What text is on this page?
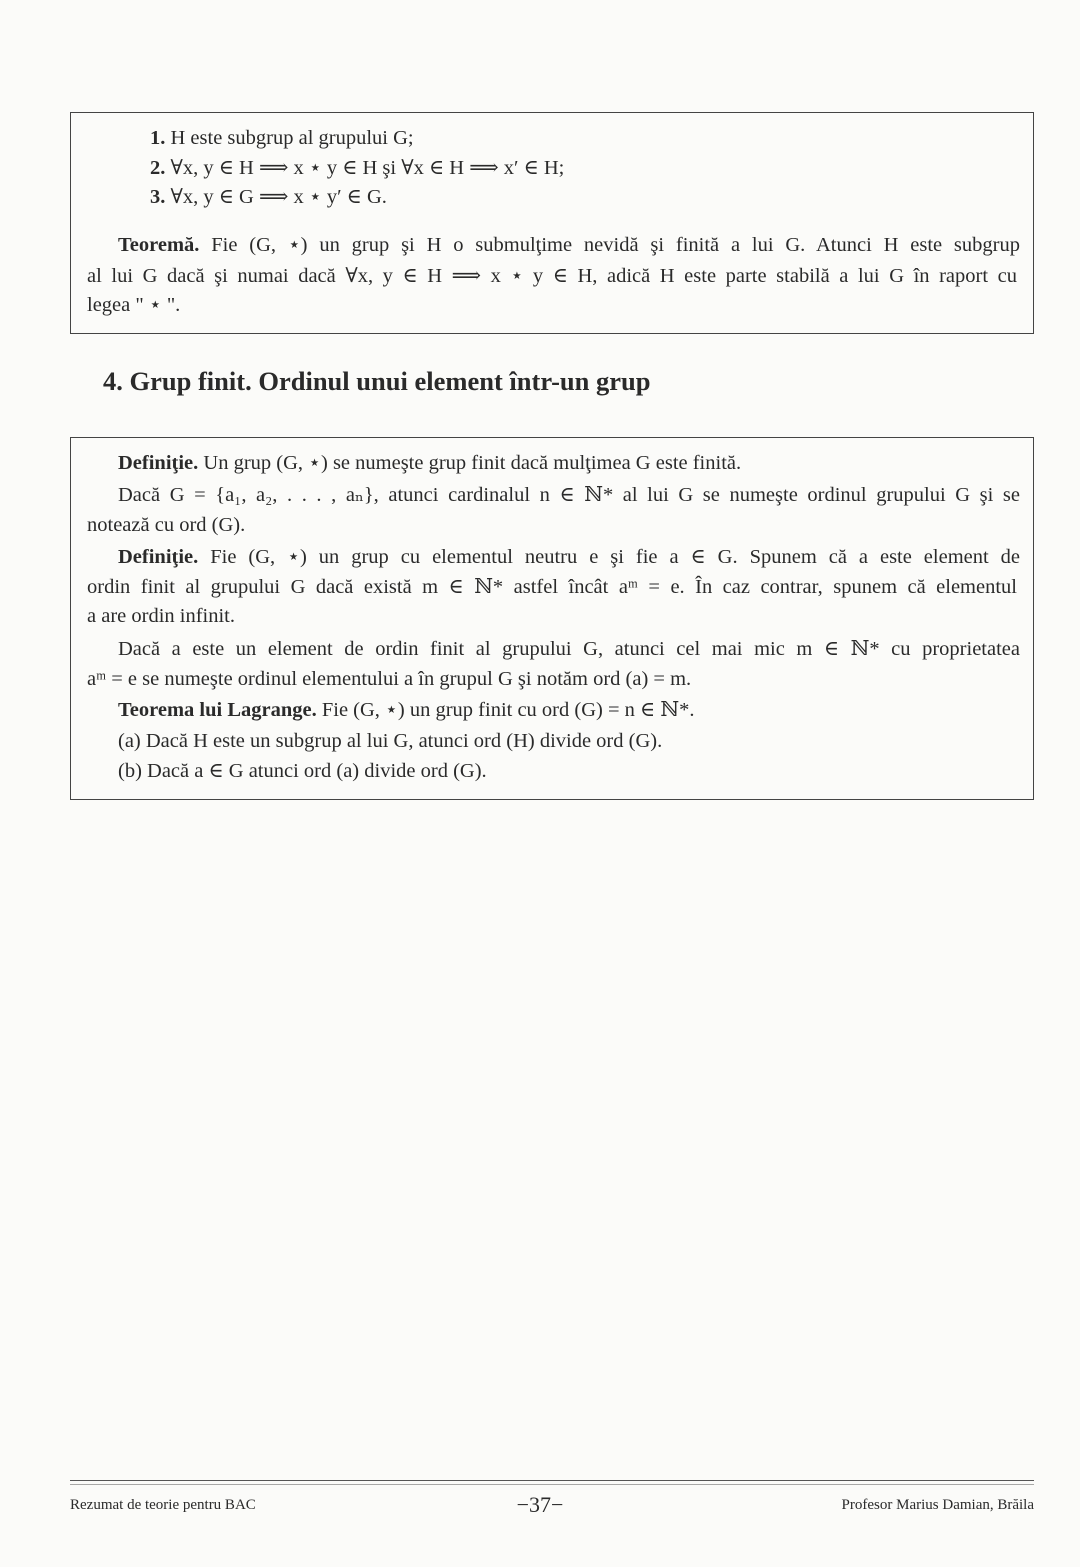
1. H este subgrup al grupului G;
2. ∀x, y ∈ H ⟹ x ⋆ y ∈ H şi ∀x ∈ H ⟹ x′ ∈ H;
3. ∀x, y ∈ G ⟹ x ⋆ y′ ∈ G.
Teoremă. Fie (G, ⋆) un grup şi H o submulţime nevidă şi finită a lui G. Atunci H este subgrup
al lui G dacă şi numai dacă ∀x, y ∈ H ⟹ x ⋆ y ∈ H, adică H este parte stabilă a lui G în raport cu
legea " ⋆ ".
4. Grup finit. Ordinul unui element într-un grup
Definiţie. Un grup (G, ⋆) se numeşte grup finit dacă mulţimea G este finită.
Dacă G = {a₁, a₂, . . . , aₙ}, atunci cardinalul n ∈ ℕ* al lui G se numeşte ordinul grupului G şi se
notează cu ord (G).
Definiţie. Fie (G, ⋆) un grup cu elementul neutru e şi fie a ∈ G. Spunem că a este element de
ordin finit al grupului G dacă există m ∈ ℕ* astfel încât aᵐ = e. În caz contrar, spunem că elementul
a are ordin infinit.
Dacă a este un element de ordin finit al grupului G, atunci cel mai mic m ∈ ℕ* cu proprietatea
aᵐ = e se numeşte ordinul elementului a în grupul G şi notăm ord (a) = m.
Teorema lui Lagrange. Fie (G, ⋆) un grup finit cu ord (G) = n ∈ ℕ*.
(a) Dacă H este un subgrup al lui G, atunci ord (H) divide ord (G).
(b) Dacă a ∈ G atunci ord (a) divide ord (G).
Rezumat de teorie pentru BAC	−37−	Profesor Marius Damian, Brăila
